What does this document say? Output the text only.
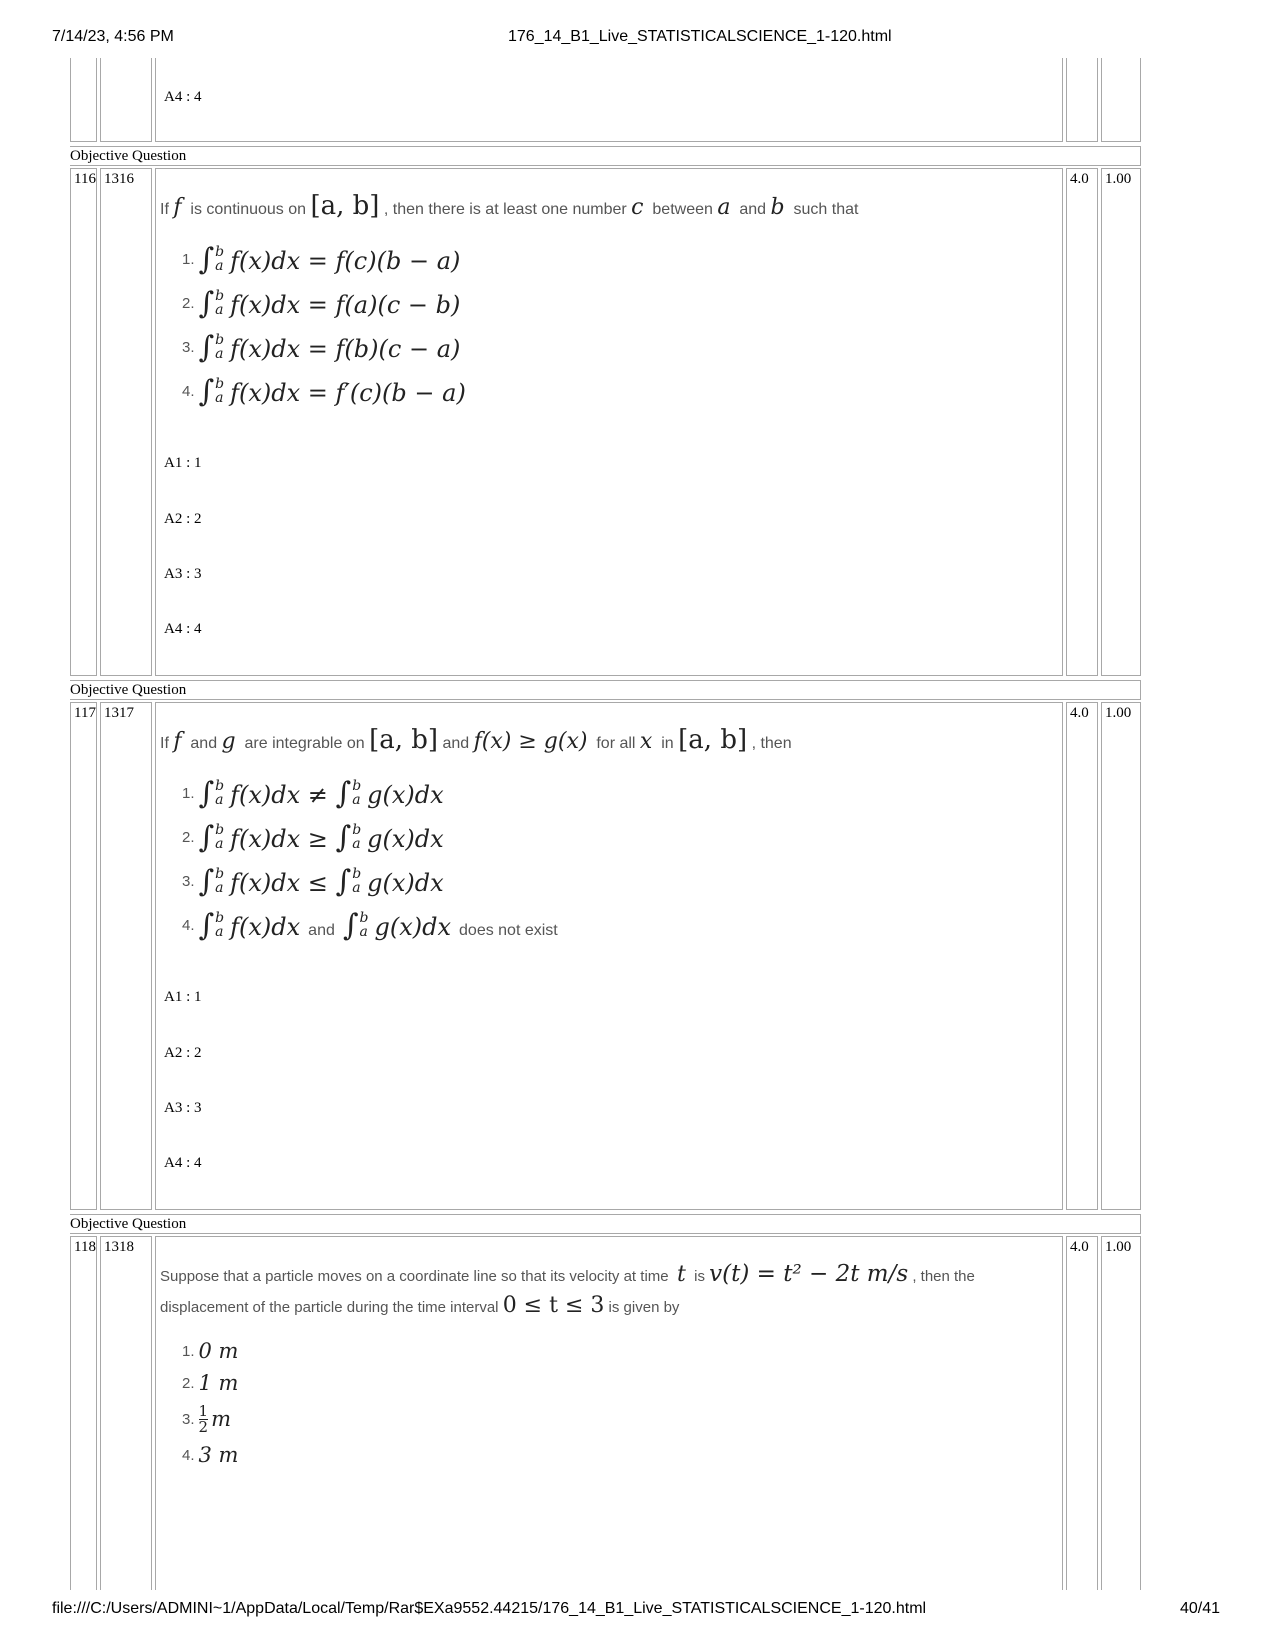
7/14/23, 4:56 PM	176_14_B1_Live_STATISTICALSCIENCE_1-120.html
A4 : 4
Objective Question
116 1316
If f is continuous on [a, b] , then there is at least one number c between a and b such that
1. ∫ b
a f(x)dx = f(c)(b − a)
2. ∫ b
a f(x)dx = f(a)(c − b)
3. ∫ b
a f(x)dx = f(b)(c − a)
4. ∫ b
a f(x)dx = f′(c)(b − a)
A1 : 1
A2 : 2
A3 : 3
A4 : 4
4.0 1.00
Objective Question
117 1317
If f and g are integrable on [a, b] and f(x) ≥ g(x) for all x in [a, b] , then
1. ∫ b
a f(x)dx ≠ ∫ b
a g(x)dx
2. ∫ b
a f(x)dx ≥ ∫ b
a g(x)dx
3. ∫ b
a f(x)dx ≤ ∫ b
a g(x)dx
4. ∫ b
a f(x)dx and ∫ b
a g(x)dx does not exist
A1 : 1
A2 : 2
A3 : 3
A4 : 4
4.0 1.00
Objective Question
118 1318
Suppose that a particle moves on a coordinate line so that its velocity at time t is v(t) = t² − 2t m/s , then the
displacement of the particle during the time interval 0 ≤ t ≤ 3 is given by
1. 0 m
2. 1 m
3. $\frac{1}{2}$ m
4. 3 m
4.0 1.00
file:///C:/Users/ADMINI~1/AppData/Local/Temp/Rar$EXa9552.44215/176_14_B1_Live_STATISTICALSCIENCE_1-120.html	40/41
